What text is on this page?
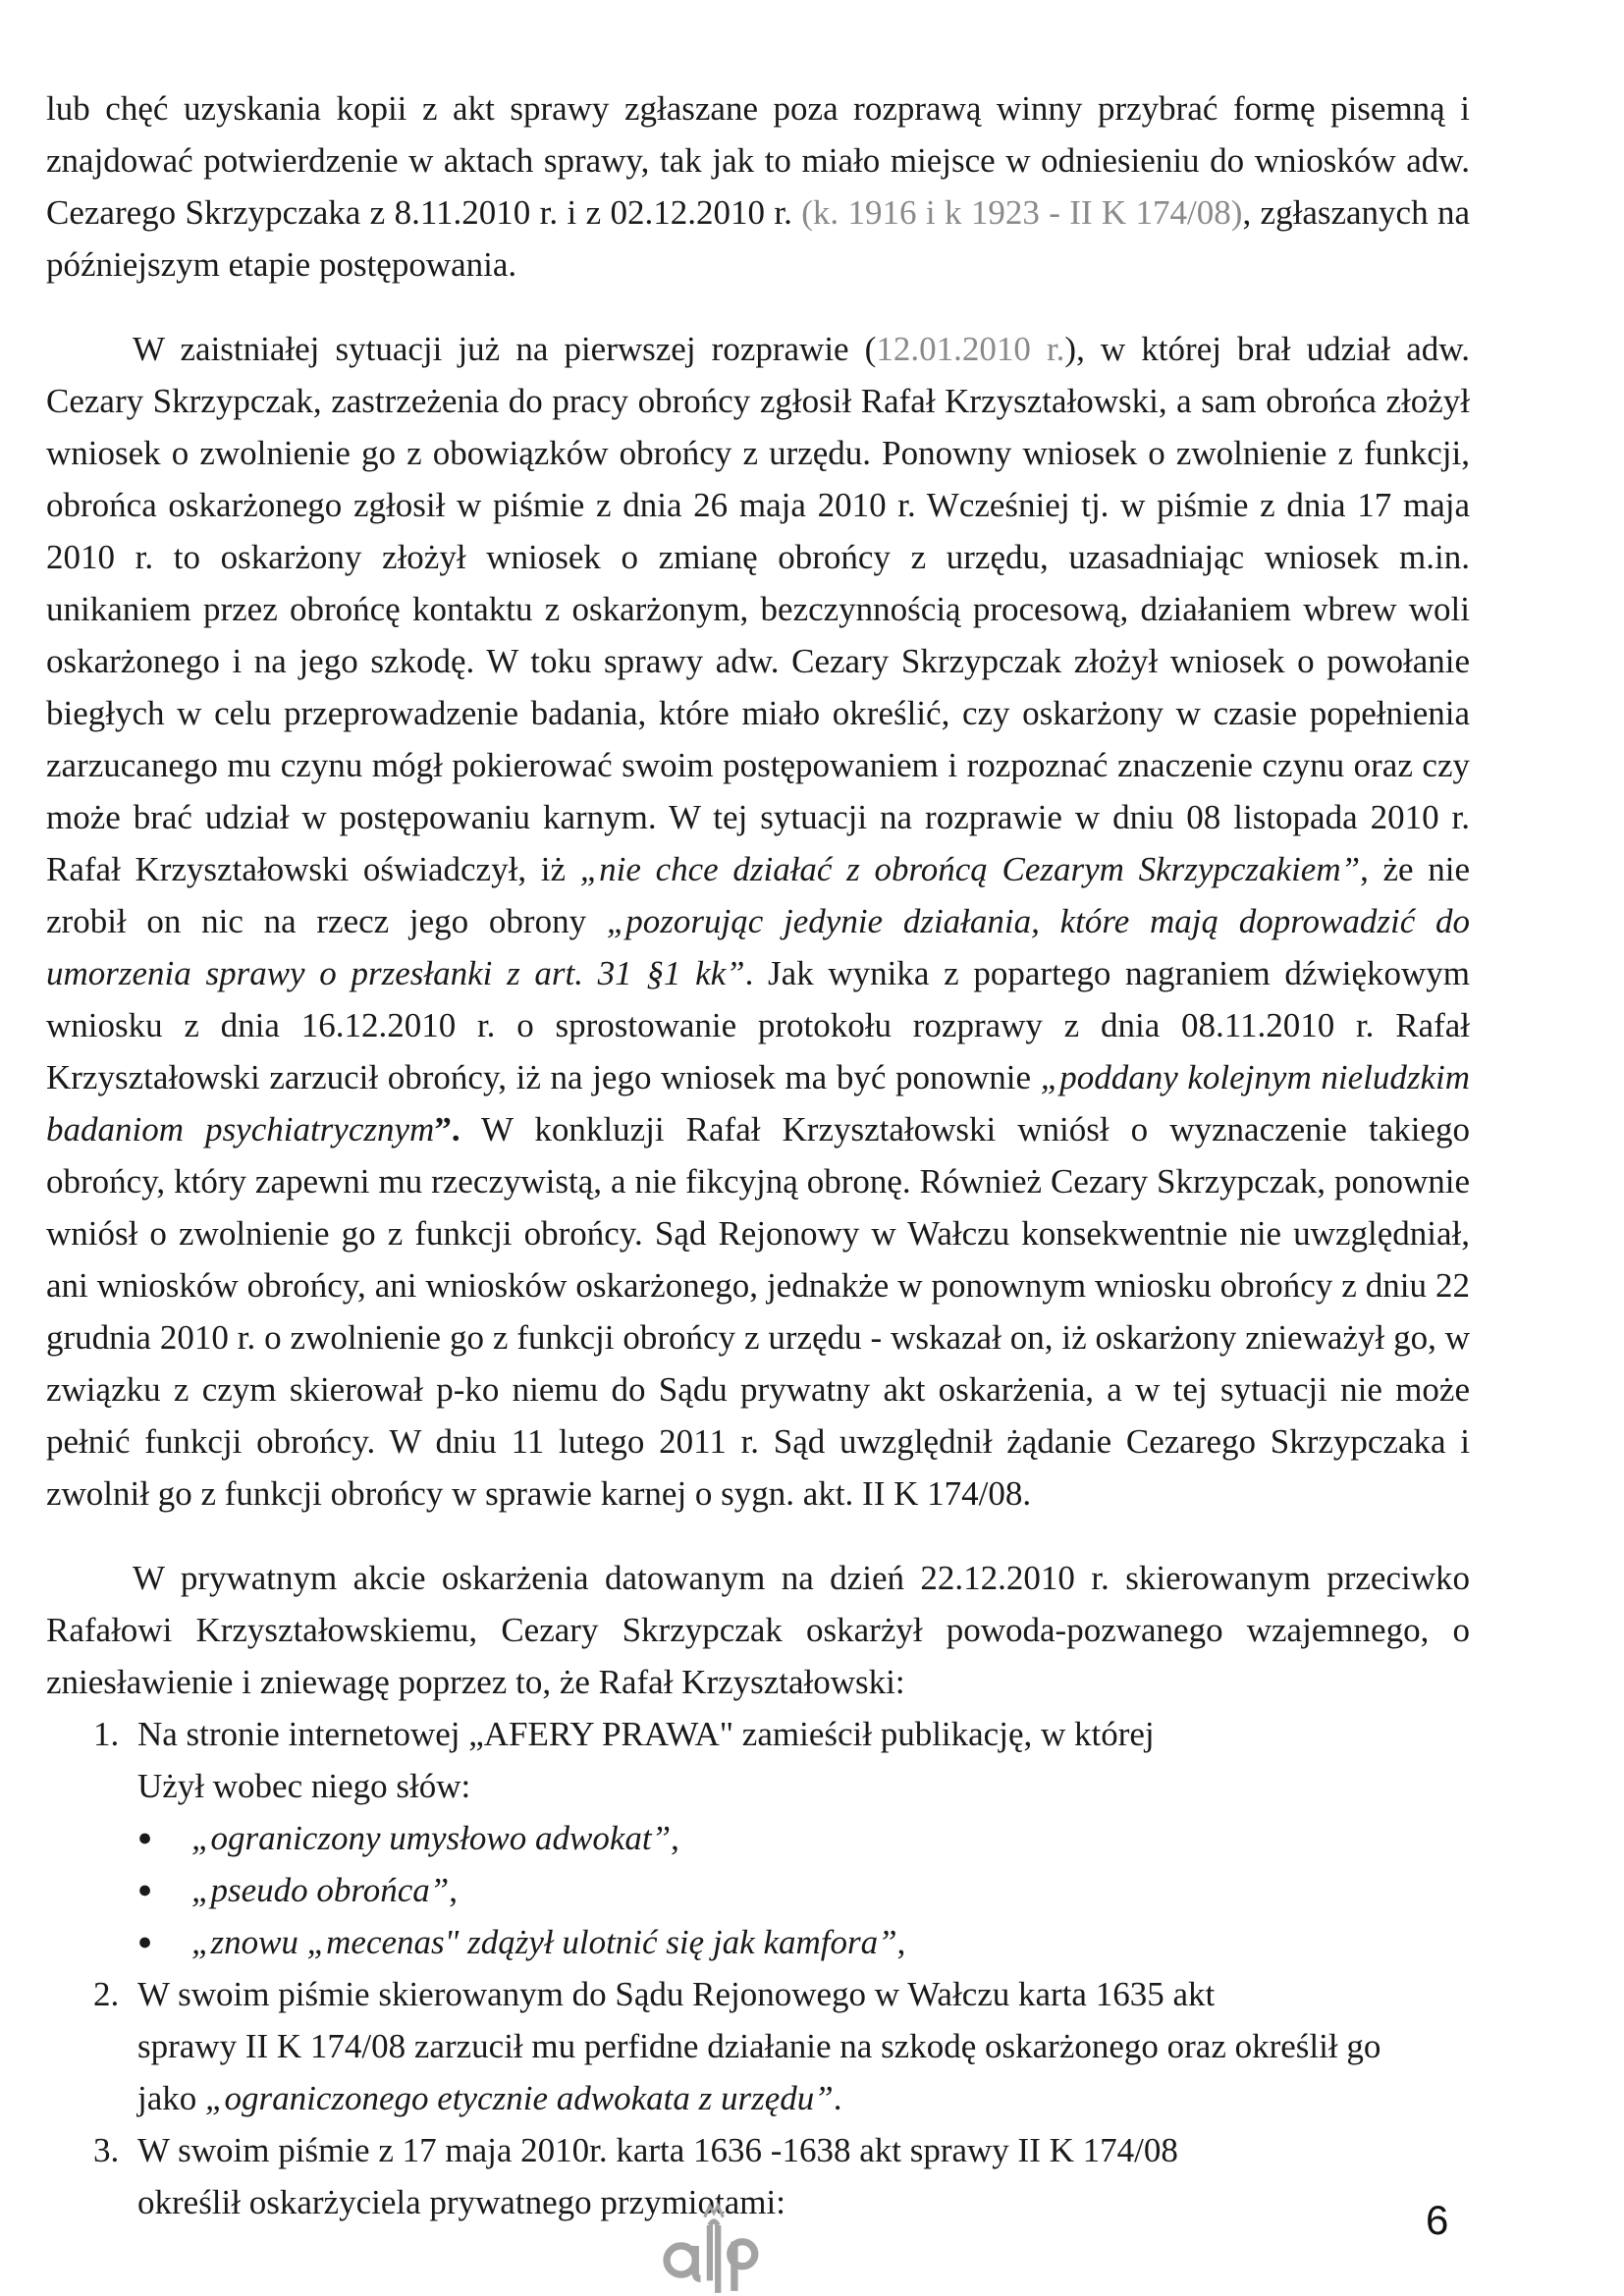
lub chęć uzyskania kopii z akt sprawy zgłaszane poza rozprawą winny przybrać formę pisemną i znajdować potwierdzenie w aktach sprawy, tak jak to miało miejsce w odniesieniu do wniosków adw. Cezarego Skrzypczaka z 8.11.2010 r. i z 02.12.2010 r. (k. 1916 i k 1923 - II K 174/08), zgłaszanych na późniejszym etapie postępowania.

W zaistniałej sytuacji już na pierwszej rozprawie (12.01.2010 r.), w której brał udział adw. Cezary Skrzypczak, zastrzeżenia do pracy obrońcy zgłosił Rafał Krzyształowski, a sam obrońca złożył wniosek o zwolnienie go z obowiązków obrońcy z urzędu. Ponowny wniosek o zwolnienie z funkcji, obrońca oskarżonego zgłosił w piśmie z dnia 26 maja 2010 r. Wcześniej tj. w piśmie z dnia 17 maja 2010 r. to oskarżony złożył wniosek o zmianę obrońcy z urzędu, uzasadniając wniosek m.in. unikaniem przez obrońcę kontaktu z oskarżonym, bezczynnością procesową, działaniem wbrew woli oskarżonego i na jego szkodę. W toku sprawy adw. Cezary Skrzypczak złożył wniosek o powołanie biegłych w celu przeprowadzenie badania, które miało określić, czy oskarżony w czasie popełnienia zarzucanego mu czynu mógł pokierować swoim postępowaniem i rozpoznać znaczenie czynu oraz czy może brać udział w postępowaniu karnym. W tej sytuacji na rozprawie w dniu 08 listopada 2010 r. Rafał Krzyształowski oświadczył, iż „nie chce działać z obrońcą Cezarym Skrzypczakiem”, że nie zrobił on nic na rzecz jego obrony „pozorując jedynie działania, które mają doprowadzić do umorzenia sprawy o przesłanki z art. 31 §1 kk”. Jak wynika z popartego nagraniem dźwiękowym wniosku z dnia 16.12.2010 r. o sprostowanie protokołu rozprawy z dnia 08.11.2010 r. Rafał Krzyształowski zarzucił obrońcy, iż na jego wniosek ma być ponownie „poddany kolejnym nieludzkim badaniom psychiatrycznym”. W konkluzji Rafał Krzyształowski wniósł o wyznaczenie takiego obrońcy, który zapewni mu rzeczywistą, a nie fikcyjną obronę. Również Cezary Skrzypczak, ponownie wniósł o zwolnienie go z funkcji obrońcy. Sąd Rejonowy w Wałczu konsekwentnie nie uwzględniał, ani wniosków obrońcy, ani wniosków oskarżonego, jednakże w ponownym wniosku obrońcy z dniu 22 grudnia 2010 r. o zwolnienie go z funkcji obrońcy z urzędu - wskazał on, iż oskarżony znieważył go, w związku z czym skierował p-ko niemu do Sądu prywatny akt oskarżenia, a w tej sytuacji nie może pełnić funkcji obrońcy. W dniu 11 lutego 2011 r. Sąd uwzględnił żądanie Cezarego Skrzypczaka i zwolnił go z funkcji obrońcy w sprawie karnej o sygn. akt. II K 174/08.

W prywatnym akcie oskarżenia datowanym na dzień 22.12.2010 r. skierowanym przeciwko Rafałowi Krzyształowskiemu, Cezary Skrzypczak oskarżył powoda-pozwanego wzajemnego, o zniesławienie i zniewagę poprzez to, że Rafał Krzyształowski:

1. Na stronie internetowej „AFERY PRAWA" zamieścił publikację, w której
Użył wobec niego słów:
●	„ograniczony umysłowo adwokat”,
●	„pseudo obrońca”,
●	„znowu „mecenas" zdążył ulotnić się jak kamfora”,
2. W swoim piśmie skierowanym do Sądu Rejonowego w Wałczu karta 1635 akt
sprawy II K 174/08 zarzucił mu perfidne działanie na szkodę oskarżonego oraz określił go
jako „ograniczonego etycznie adwokata z urzędu”.
3. W swoim piśmie z 17 maja 2010r. karta 1636 -1638 akt sprawy II K 174/08
określił oskarżyciela prywatnego przymiotami:	6
